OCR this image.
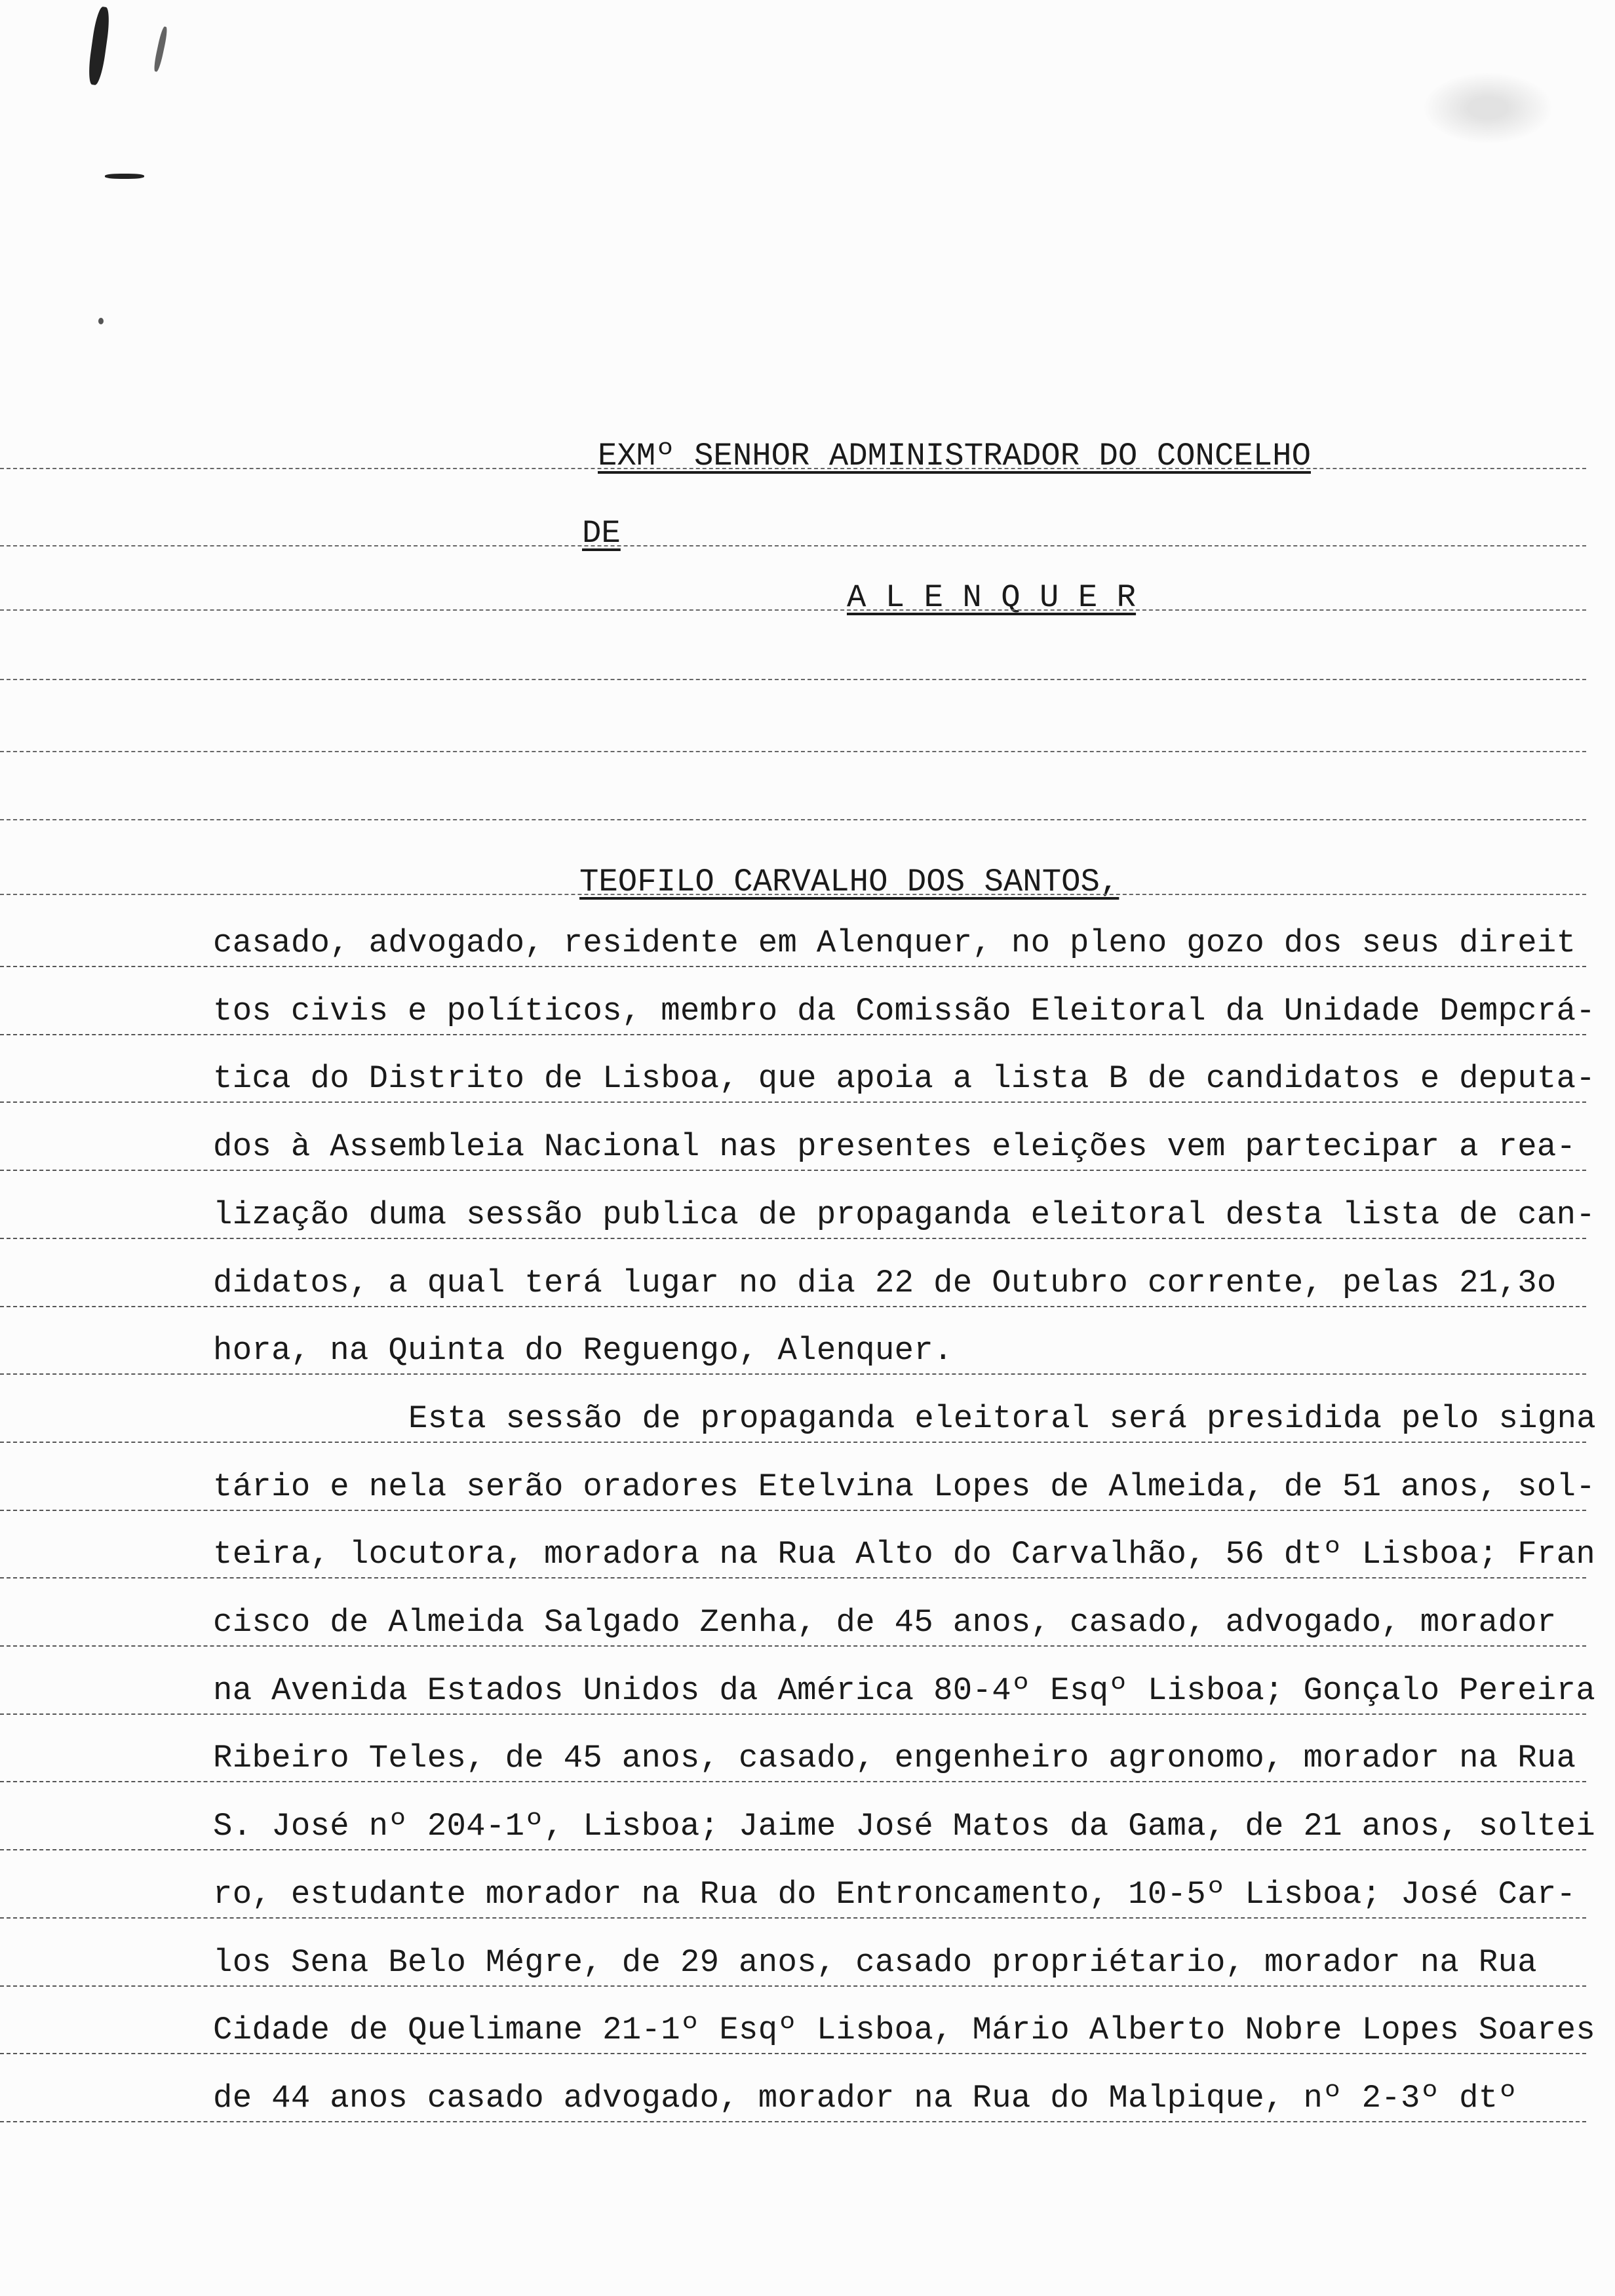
EXMº SENHOR ADMINISTRADOR DO CONCELHO
DE
A L E N Q U E R
TEOFILO CARVALHO DOS SANTOS,
casado, advogado, residente em Alenquer, no pleno gozo dos seus direit
tos civis e políticos, membro da Comissão Eleitoral da Unidade Dempcrá-
tica do Distrito de Lisboa, que apoia a lista B de candidatos e deputa-
dos à Assembleia Nacional nas presentes eleições vem partecipar a rea-
lização duma sessão publica de propaganda eleitoral desta lista de can-
didatos, a qual terá lugar no dia 22 de Outubro corrente, pelas 21,3o
hora, na Quinta do Reguengo, Alenquer.
Esta sessão de propaganda eleitoral será presidida pelo signa
tário e nela serão oradores Etelvina Lopes de Almeida, de 51 anos, sol-
teira, locutora, moradora na Rua Alto do Carvalhão, 56 dtº Lisboa; Fran
cisco de Almeida Salgado Zenha, de 45 anos, casado, advogado, morador
na Avenida Estados Unidos da América 80-4º Esqº Lisboa; Gonçalo Pereira
Ribeiro Teles, de 45 anos, casado, engenheiro agronomo, morador na Rua
S. José nº 204-1º, Lisboa; Jaime José Matos da Gama, de 21 anos, soltei
ro, estudante morador na Rua do Entroncamento, 10-5º Lisboa; José Car-
los Sena Belo Mégre, de 29 anos, casado propriétario, morador na Rua
Cidade de Quelimane 21-1º Esqº Lisboa, Mário Alberto Nobre Lopes Soares
de 44 anos casado advogado, morador na Rua do Malpique, nº 2-3º dtº
